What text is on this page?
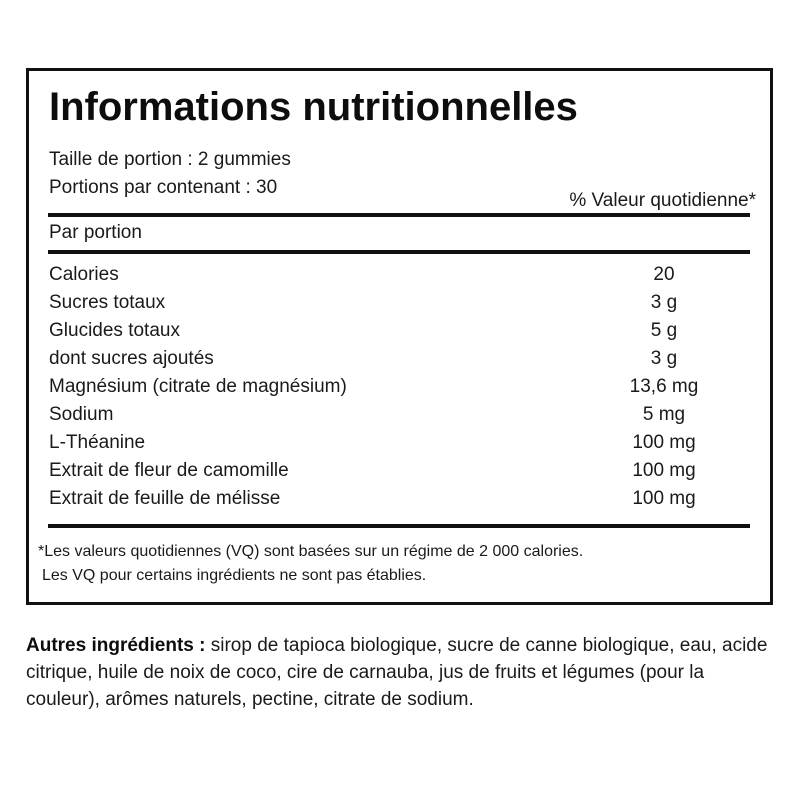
Informations nutritionnelles
Taille de portion : 2 gummies
Portions par contenant : 30
% Valeur quotidienne*
Par portion
Calories	20
Sucres totaux	3 g
Glucides totaux	5 g
dont sucres ajoutés	3 g
Magnésium (citrate de magnésium)	13,6 mg
Sodium	5 mg
L-Théanine	100 mg
Extrait de fleur de camomille	100 mg
Extrait de feuille de mélisse	100 mg
*Les valeurs quotidiennes (VQ) sont basées sur un régime de 2 000 calories.
Les VQ pour certains ingrédients ne sont pas établies.
Autres ingrédients : sirop de tapioca biologique, sucre de canne biologique, eau, acide citrique, huile de noix de coco, cire de carnauba, jus de fruits et légumes (pour la couleur), arômes naturels, pectine, citrate de sodium.
